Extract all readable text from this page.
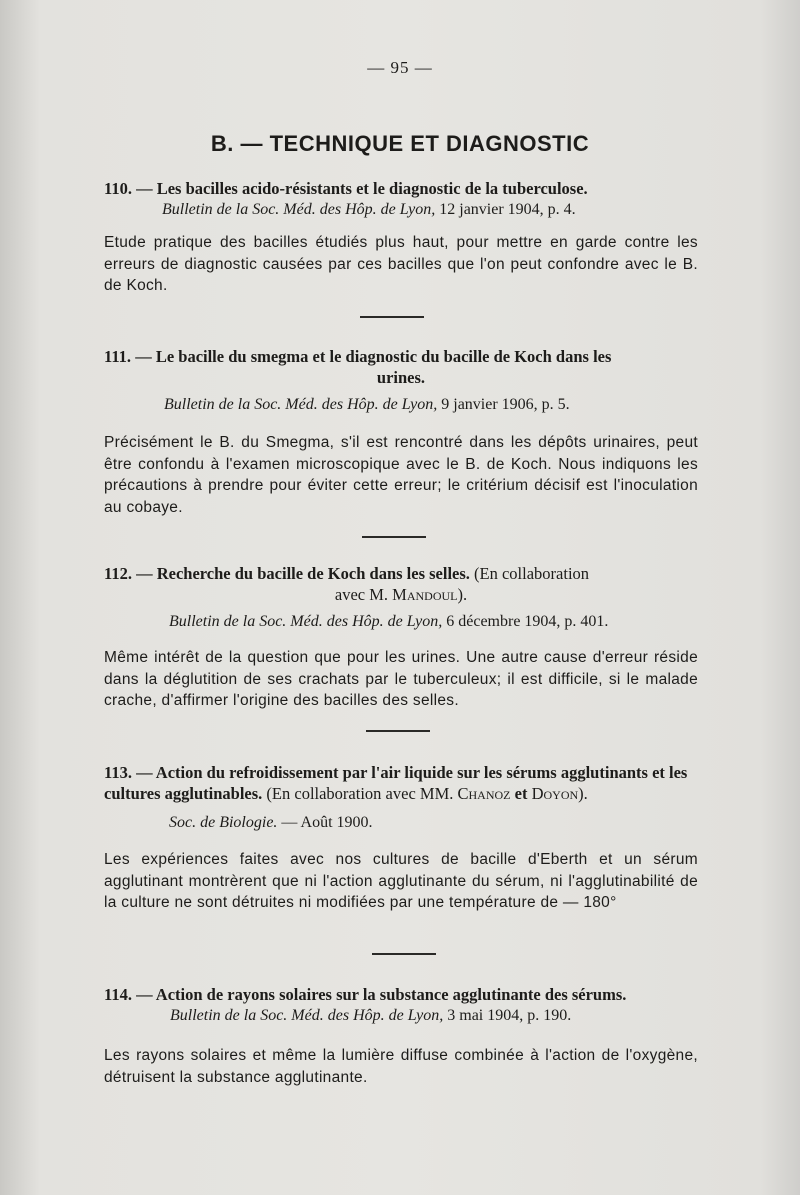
— 95 —
B. — TECHNIQUE ET DIAGNOSTIC
110. — Les bacilles acido-résistants et le diagnostic de la tuberculose.
Bulletin de la Soc. Méd. des Hôp. de Lyon, 12 janvier 1904, p. 4.
Etude pratique des bacilles étudiés plus haut, pour mettre en garde contre les erreurs de diagnostic causées par ces bacilles que l'on peut confondre avec le B. de Koch.
111. — Le bacille du smegma et le diagnostic du bacille de Koch dans les
urines.
Bulletin de la Soc. Méd. des Hôp. de Lyon, 9 janvier 1906, p. 5.
Précisément le B. du Smegma, s'il est rencontré dans les dépôts urinaires, peut être confondu à l'examen microscopique avec le B. de Koch. Nous indiquons les précautions à prendre pour éviter cette erreur; le critérium décisif est l'inoculation au cobaye.
112. — Recherche du bacille de Koch dans les selles. (En collaboration
avec M. Mandoul).
Bulletin de la Soc. Méd. des Hôp. de Lyon, 6 décembre 1904, p. 401.
Même intérêt de la question que pour les urines. Une autre cause d'erreur réside dans la déglutition de ses crachats par le tuberculeux; il est difficile, si le malade crache, d'affirmer l'origine des bacilles des selles.
113. — Action du refroidissement par l'air liquide sur les sérums agglutinants et les cultures agglutinables. (En collaboration avec MM. Chanoz et Doyon).
Soc. de Biologie. — Août 1900.
Les expériences faites avec nos cultures de bacille d'Eberth et un sérum agglutinant montrèrent que ni l'action agglutinante du sérum, ni l'agglutinabilité de la culture ne sont détruites ni modifiées par une température de — 180°
114. — Action de rayons solaires sur la substance agglutinante des sérums.
Bulletin de la Soc. Méd. des Hôp. de Lyon, 3 mai 1904, p. 190.
Les rayons solaires et même la lumière diffuse combinée à l'action de l'oxygène, détruisent la substance agglutinante.
